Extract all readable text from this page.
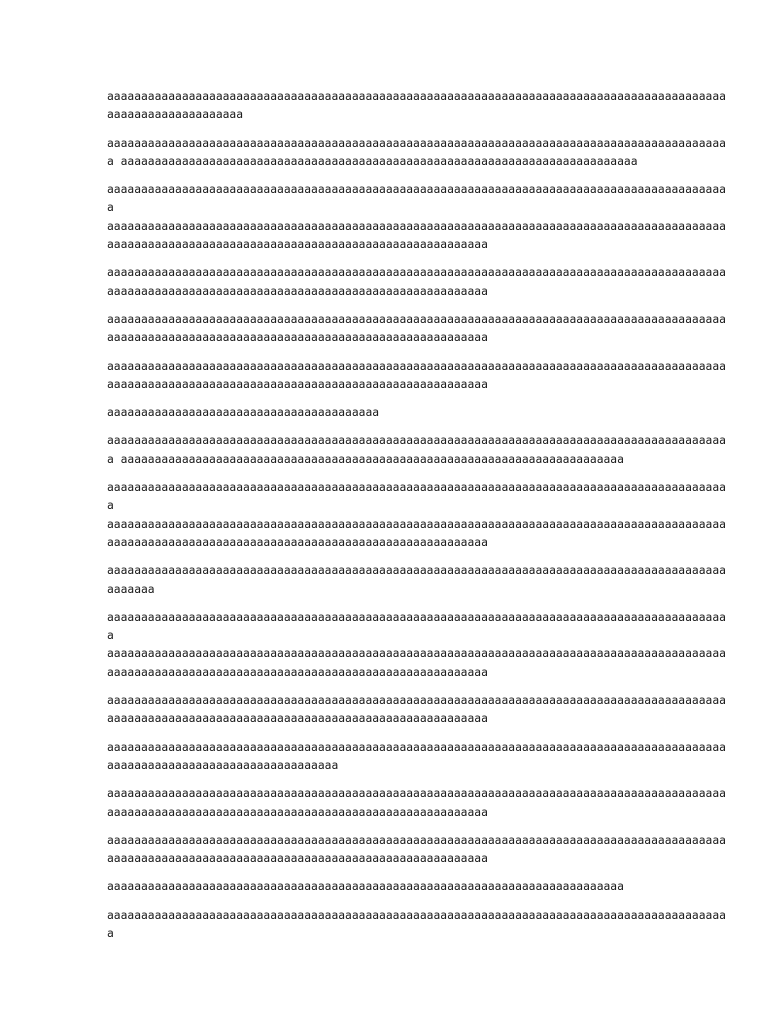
aaaaaaaaaaaaaaaaaaaaaaaaaaaaaaaaaaaaaaaaaaaaaaaaaaaaaaaaaaaaaaaaaaaaaaaaaaaaaaaaaaaaaaaaaaa
aaaaaaaaaaaaaaaaaaaa

aaaaaaaaaaaaaaaaaaaaaaaaaaaaaaaaaaaaaaaaaaaaaaaaaaaaaaaaaaaaaaaaaaaaaaaaaaaaaaaaaaaaaaaaaaa
a aaaaaaaaaaaaaaaaaaaaaaaaaaaaaaaaaaaaaaaaaaaaaaaaaaaaaaaaaaaaaaaaaaaaaaaaaaaa

aaaaaaaaaaaaaaaaaaaaaaaaaaaaaaaaaaaaaaaaaaaaaaaaaaaaaaaaaaaaaaaaaaaaaaaaaaaaaaaaaaaaaaaaaaa
a
aaaaaaaaaaaaaaaaaaaaaaaaaaaaaaaaaaaaaaaaaaaaaaaaaaaaaaaaaaaaaaaaaaaaaaaaaaaaaaaaaaaaaaaaaaa
aaaaaaaaaaaaaaaaaaaaaaaaaaaaaaaaaaaaaaaaaaaaaaaaaaaaaaaa

aaaaaaaaaaaaaaaaaaaaaaaaaaaaaaaaaaaaaaaaaaaaaaaaaaaaaaaaaaaaaaaaaaaaaaaaaaaaaaaaaaaaaaaaaaa
aaaaaaaaaaaaaaaaaaaaaaaaaaaaaaaaaaaaaaaaaaaaaaaaaaaaaaaa

aaaaaaaaaaaaaaaaaaaaaaaaaaaaaaaaaaaaaaaaaaaaaaaaaaaaaaaaaaaaaaaaaaaaaaaaaaaaaaaaaaaaaaaaaaa
aaaaaaaaaaaaaaaaaaaaaaaaaaaaaaaaaaaaaaaaaaaaaaaaaaaaaaaa

aaaaaaaaaaaaaaaaaaaaaaaaaaaaaaaaaaaaaaaaaaaaaaaaaaaaaaaaaaaaaaaaaaaaaaaaaaaaaaaaaaaaaaaaaaa
aaaaaaaaaaaaaaaaaaaaaaaaaaaaaaaaaaaaaaaaaaaaaaaaaaaaaaaa

aaaaaaaaaaaaaaaaaaaaaaaaaaaaaaaaaaaaaaaa

aaaaaaaaaaaaaaaaaaaaaaaaaaaaaaaaaaaaaaaaaaaaaaaaaaaaaaaaaaaaaaaaaaaaaaaaaaaaaaaaaaaaaaaaaaa
a aaaaaaaaaaaaaaaaaaaaaaaaaaaaaaaaaaaaaaaaaaaaaaaaaaaaaaaaaaaaaaaaaaaaaaaaaa

aaaaaaaaaaaaaaaaaaaaaaaaaaaaaaaaaaaaaaaaaaaaaaaaaaaaaaaaaaaaaaaaaaaaaaaaaaaaaaaaaaaaaaaaaaa
a
aaaaaaaaaaaaaaaaaaaaaaaaaaaaaaaaaaaaaaaaaaaaaaaaaaaaaaaaaaaaaaaaaaaaaaaaaaaaaaaaaaaaaaaaaaa
aaaaaaaaaaaaaaaaaaaaaaaaaaaaaaaaaaaaaaaaaaaaaaaaaaaaaaaa

aaaaaaaaaaaaaaaaaaaaaaaaaaaaaaaaaaaaaaaaaaaaaaaaaaaaaaaaaaaaaaaaaaaaaaaaaaaaaaaaaaaaaaaaaaa
aaaaaaa

aaaaaaaaaaaaaaaaaaaaaaaaaaaaaaaaaaaaaaaaaaaaaaaaaaaaaaaaaaaaaaaaaaaaaaaaaaaaaaaaaaaaaaaaaaa
a
aaaaaaaaaaaaaaaaaaaaaaaaaaaaaaaaaaaaaaaaaaaaaaaaaaaaaaaaaaaaaaaaaaaaaaaaaaaaaaaaaaaaaaaaaaa
aaaaaaaaaaaaaaaaaaaaaaaaaaaaaaaaaaaaaaaaaaaaaaaaaaaaaaaa

aaaaaaaaaaaaaaaaaaaaaaaaaaaaaaaaaaaaaaaaaaaaaaaaaaaaaaaaaaaaaaaaaaaaaaaaaaaaaaaaaaaaaaaaaaa
aaaaaaaaaaaaaaaaaaaaaaaaaaaaaaaaaaaaaaaaaaaaaaaaaaaaaaaa

aaaaaaaaaaaaaaaaaaaaaaaaaaaaaaaaaaaaaaaaaaaaaaaaaaaaaaaaaaaaaaaaaaaaaaaaaaaaaaaaaaaaaaaaaaa
aaaaaaaaaaaaaaaaaaaaaaaaaaaaaaaaaa

aaaaaaaaaaaaaaaaaaaaaaaaaaaaaaaaaaaaaaaaaaaaaaaaaaaaaaaaaaaaaaaaaaaaaaaaaaaaaaaaaaaaaaaaaaa
aaaaaaaaaaaaaaaaaaaaaaaaaaaaaaaaaaaaaaaaaaaaaaaaaaaaaaaa

aaaaaaaaaaaaaaaaaaaaaaaaaaaaaaaaaaaaaaaaaaaaaaaaaaaaaaaaaaaaaaaaaaaaaaaaaaaaaaaaaaaaaaaaaaa
aaaaaaaaaaaaaaaaaaaaaaaaaaaaaaaaaaaaaaaaaaaaaaaaaaaaaaaa

aaaaaaaaaaaaaaaaaaaaaaaaaaaaaaaaaaaaaaaaaaaaaaaaaaaaaaaaaaaaaaaaaaaaaaaaaaaa

aaaaaaaaaaaaaaaaaaaaaaaaaaaaaaaaaaaaaaaaaaaaaaaaaaaaaaaaaaaaaaaaaaaaaaaaaaaaaaaaaaaaaaaaaaa
a
